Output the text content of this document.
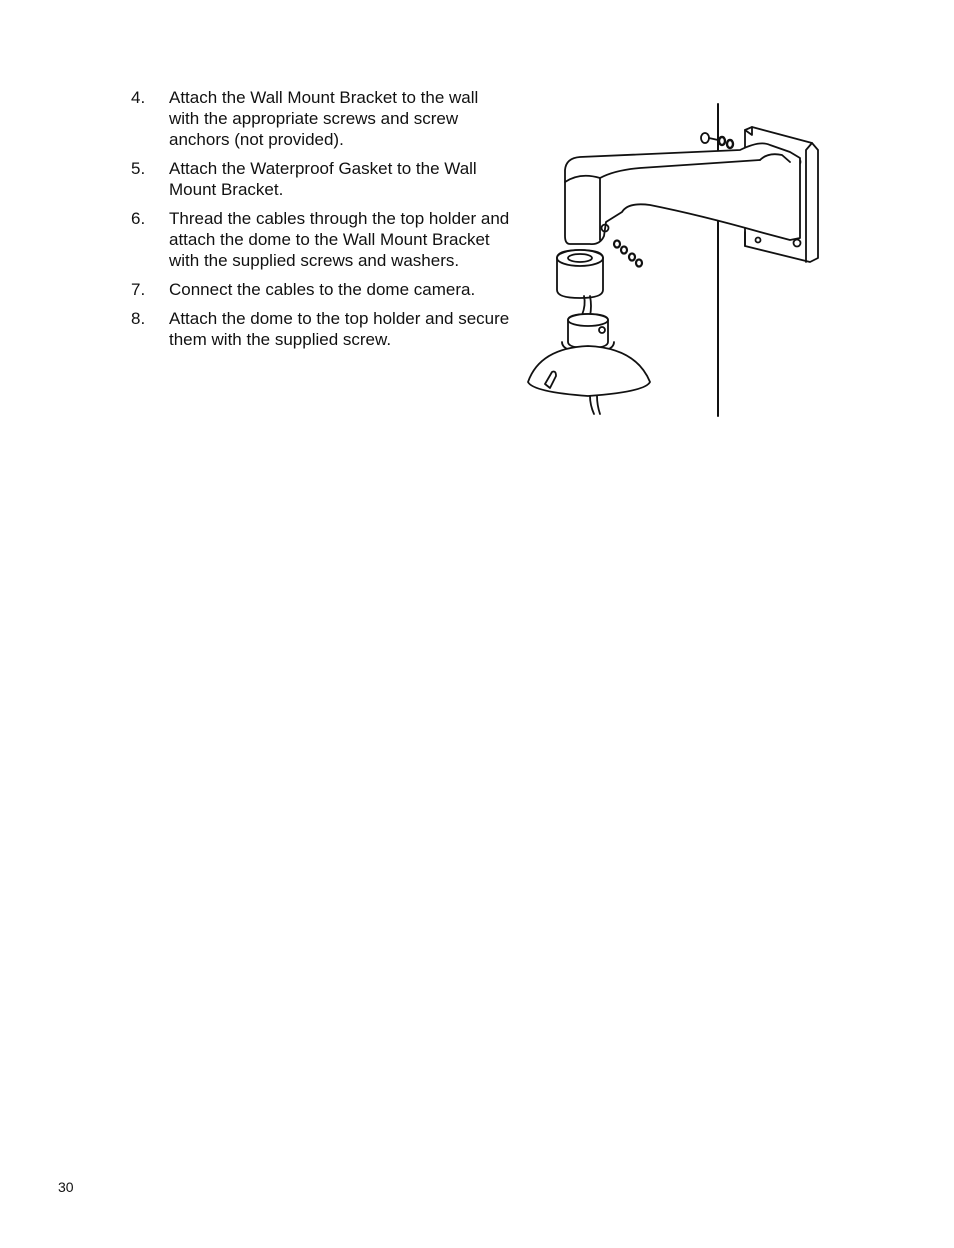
4. Attach the Wall Mount Bracket to the wall with the appropriate screws and screw anchors (not provided).
5. Attach the Waterproof Gasket to the Wall Mount Bracket.
6. Thread the cables through the top holder and attach the dome to the Wall Mount Bracket with the supplied screws and washers.
7. Connect the cables to the dome camera.
8. Attach the dome to the top holder and secure them with the supplied screw.
30
